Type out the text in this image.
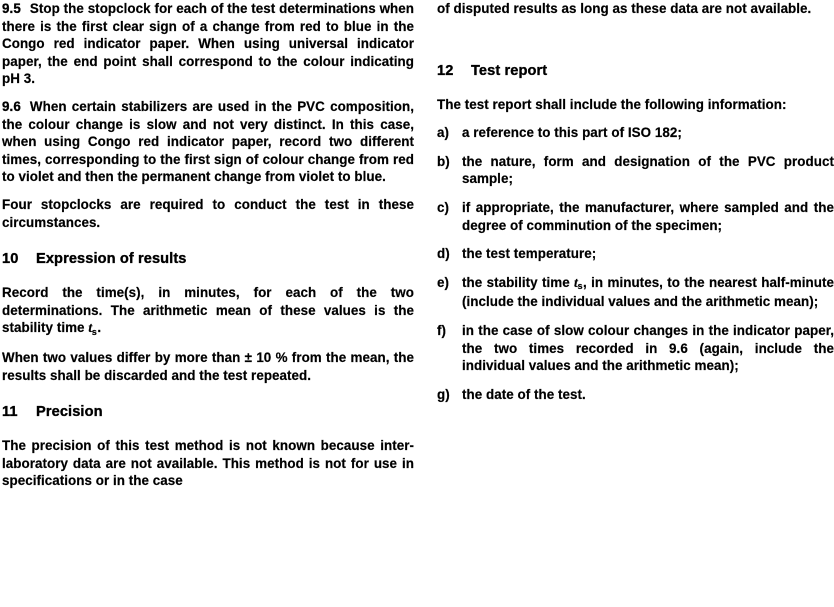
9.5 Stop the stopclock for each of the test determinations when there is the first clear sign of a change from red to blue in the Congo red indicator paper. When using universal indicator paper, the end point shall correspond to the colour indicating pH 3.

9.6 When certain stabilizers are used in the PVC composition, the colour change is slow and not very distinct. In this case, when using Congo red indicator paper, record two different times, corresponding to the first sign of colour change from red to violet and then the permanent change from violet to blue.

Four stopclocks are required to conduct the test in these circumstances.

10 Expression of results

Record the time(s), in minutes, for each of the two determinations. The arithmetic mean of these values is the stability time $t_s$.

When two values differ by more than ± 10 % from the mean, the results shall be discarded and the test repeated.

11 Precision

The precision of this test method is not known because inter-laboratory data are not available. This method is not for use in specifications or in the case

of disputed results as long as these data are not available.

12 Test report

The test report shall include the following information:

a) a reference to this part of ISO 182;
b) the nature, form and designation of the PVC product sample;
c) if appropriate, the manufacturer, where sampled and the degree of comminution of the specimen;
d) the test temperature;
e) the stability time $t_s$, in minutes, to the nearest half-minute (include the individual values and the arithmetic mean);
f)	in the case of slow colour changes in the indicator paper, the two times recorded in 9.6 (again, include the individual values and the arithmetic mean);
g) the date of the test.
